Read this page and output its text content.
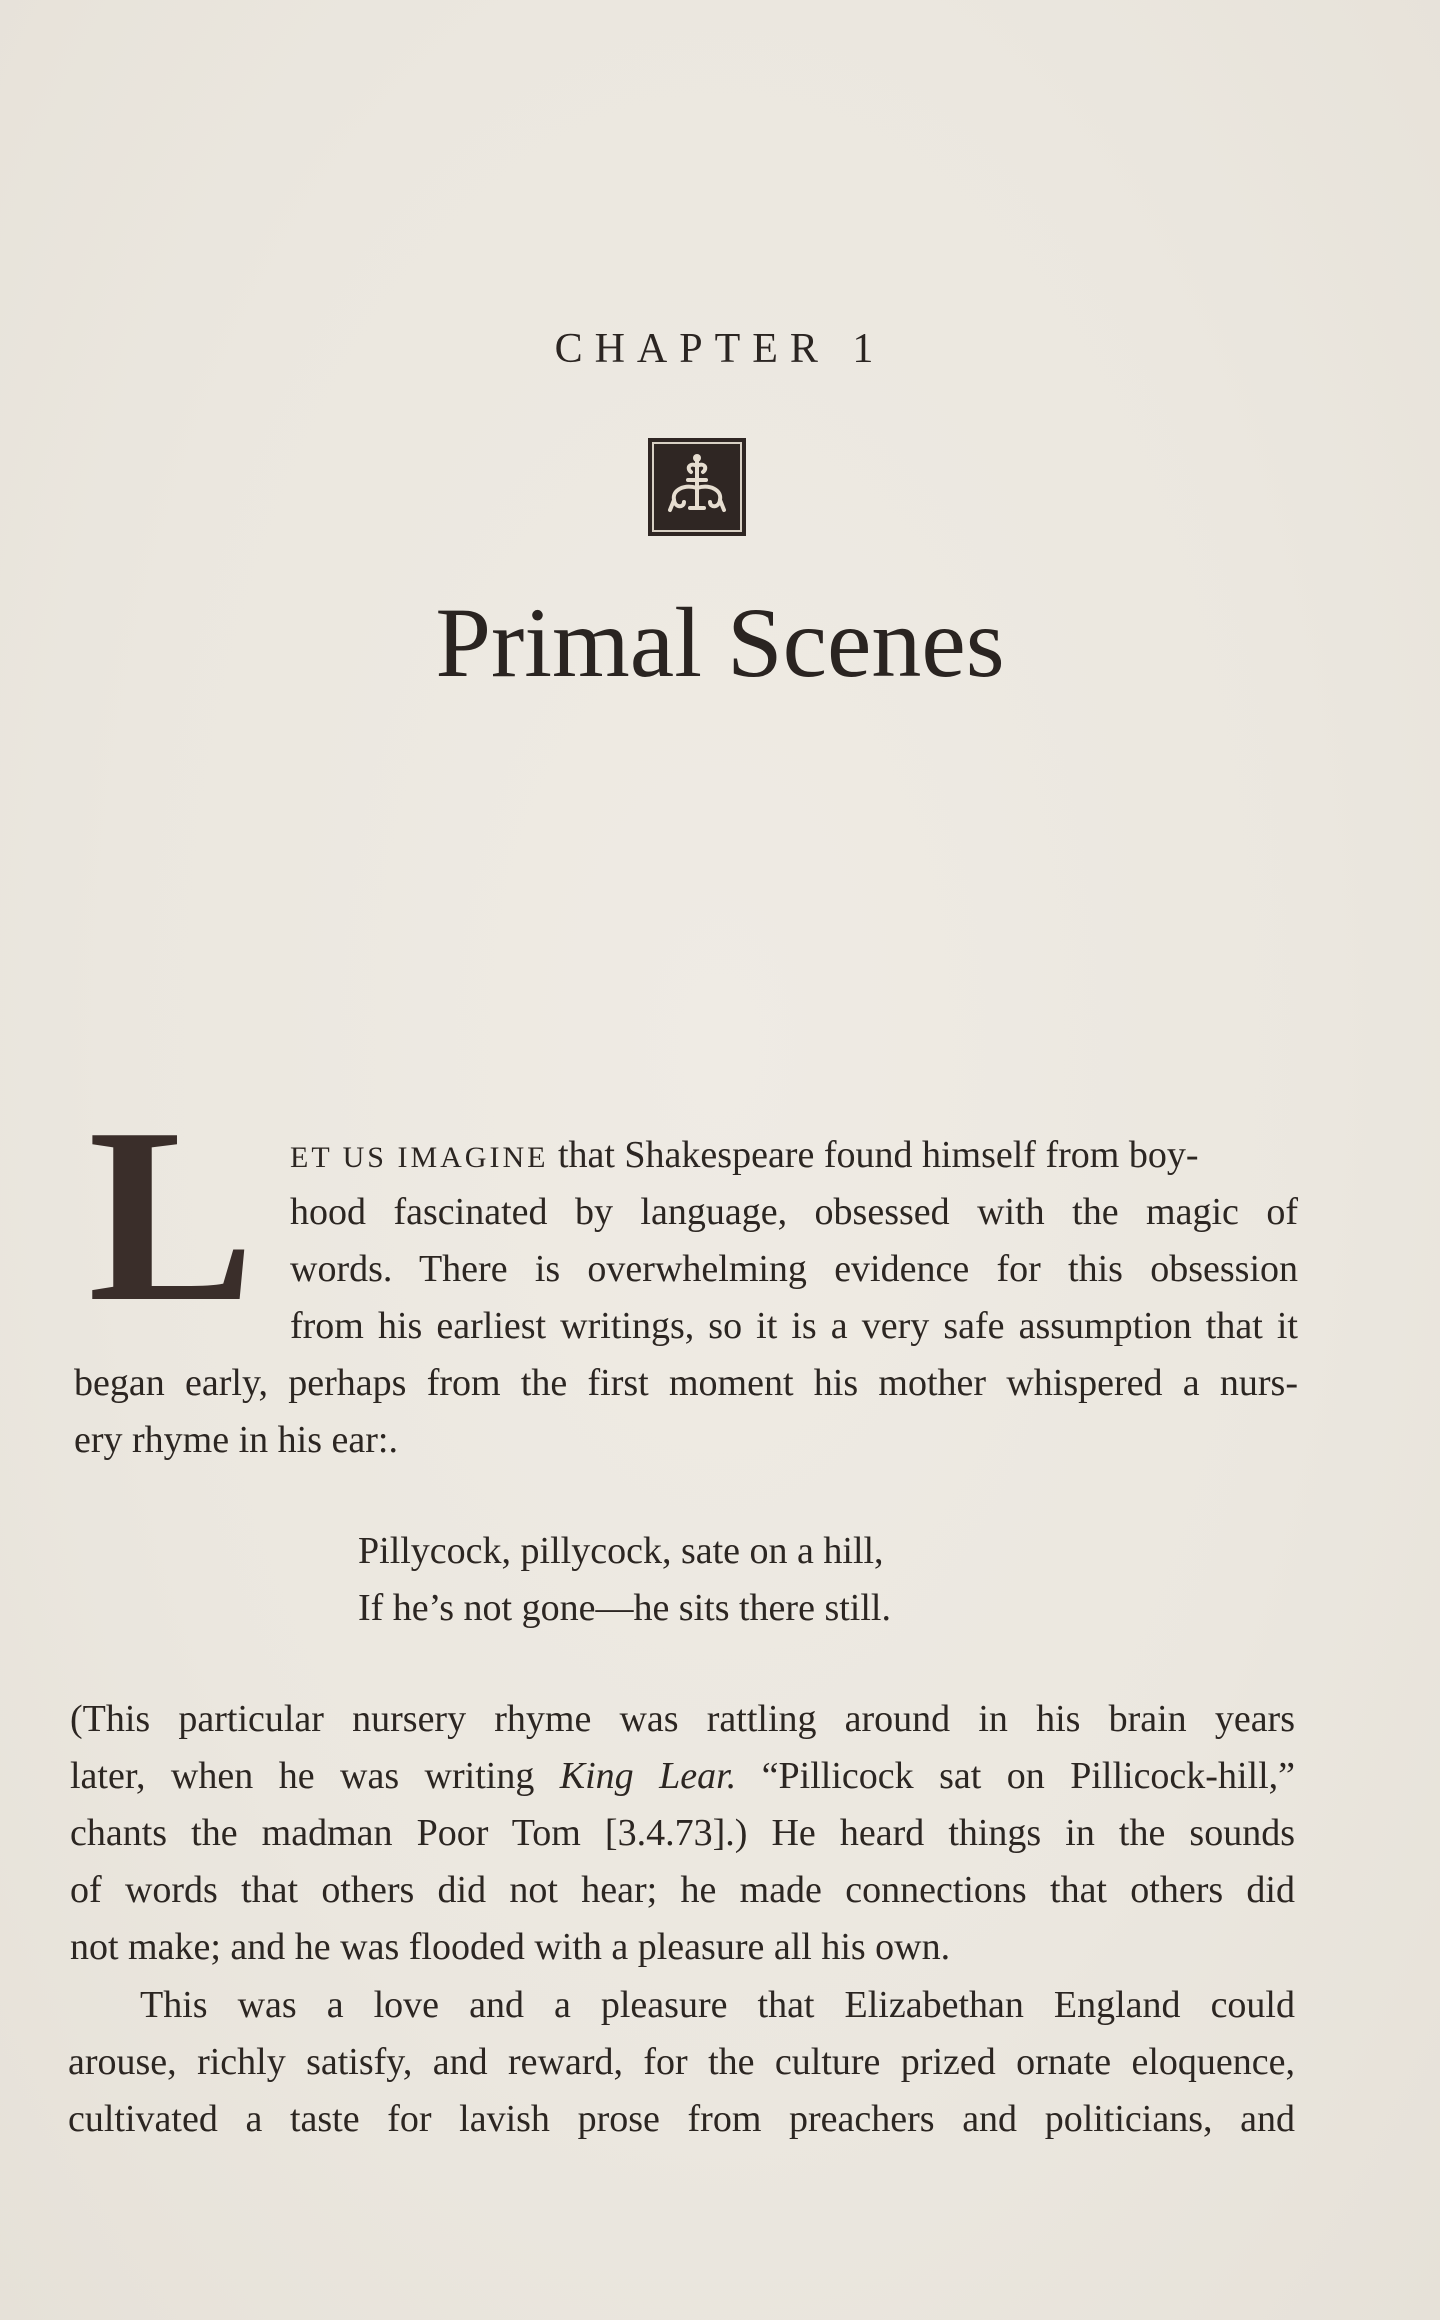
CHAPTER 1

Primal Scenes
L ET US IMAGINE that Shakespeare found himself from boy-

hood fascinated by language, obsessed with the magic of

words. There is overwhelming evidence for this obsession

from his earliest writings, so it is a very safe assumption that it

began early, perhaps from the first moment his mother whispered a nurs-

ery rhyme in his ear:.

Pillycock, pillycock, sate on a hill,

If he’s not gone—he sits there still.

(This particular nursery rhyme was rattling around in his brain years

later, when he was writing King Lear. “Pillicock sat on Pillicock-hill,”

chants the madman Poor Tom [3.4.73].) He heard things in the sounds

of words that others did not hear; he made connections that others did

not make; and he was flooded with a pleasure all his own.

This was a love and a pleasure that Elizabethan England could

arouse, richly satisfy, and reward, for the culture prized ornate eloquence,

cultivated a taste for lavish prose from preachers and politicians, and
